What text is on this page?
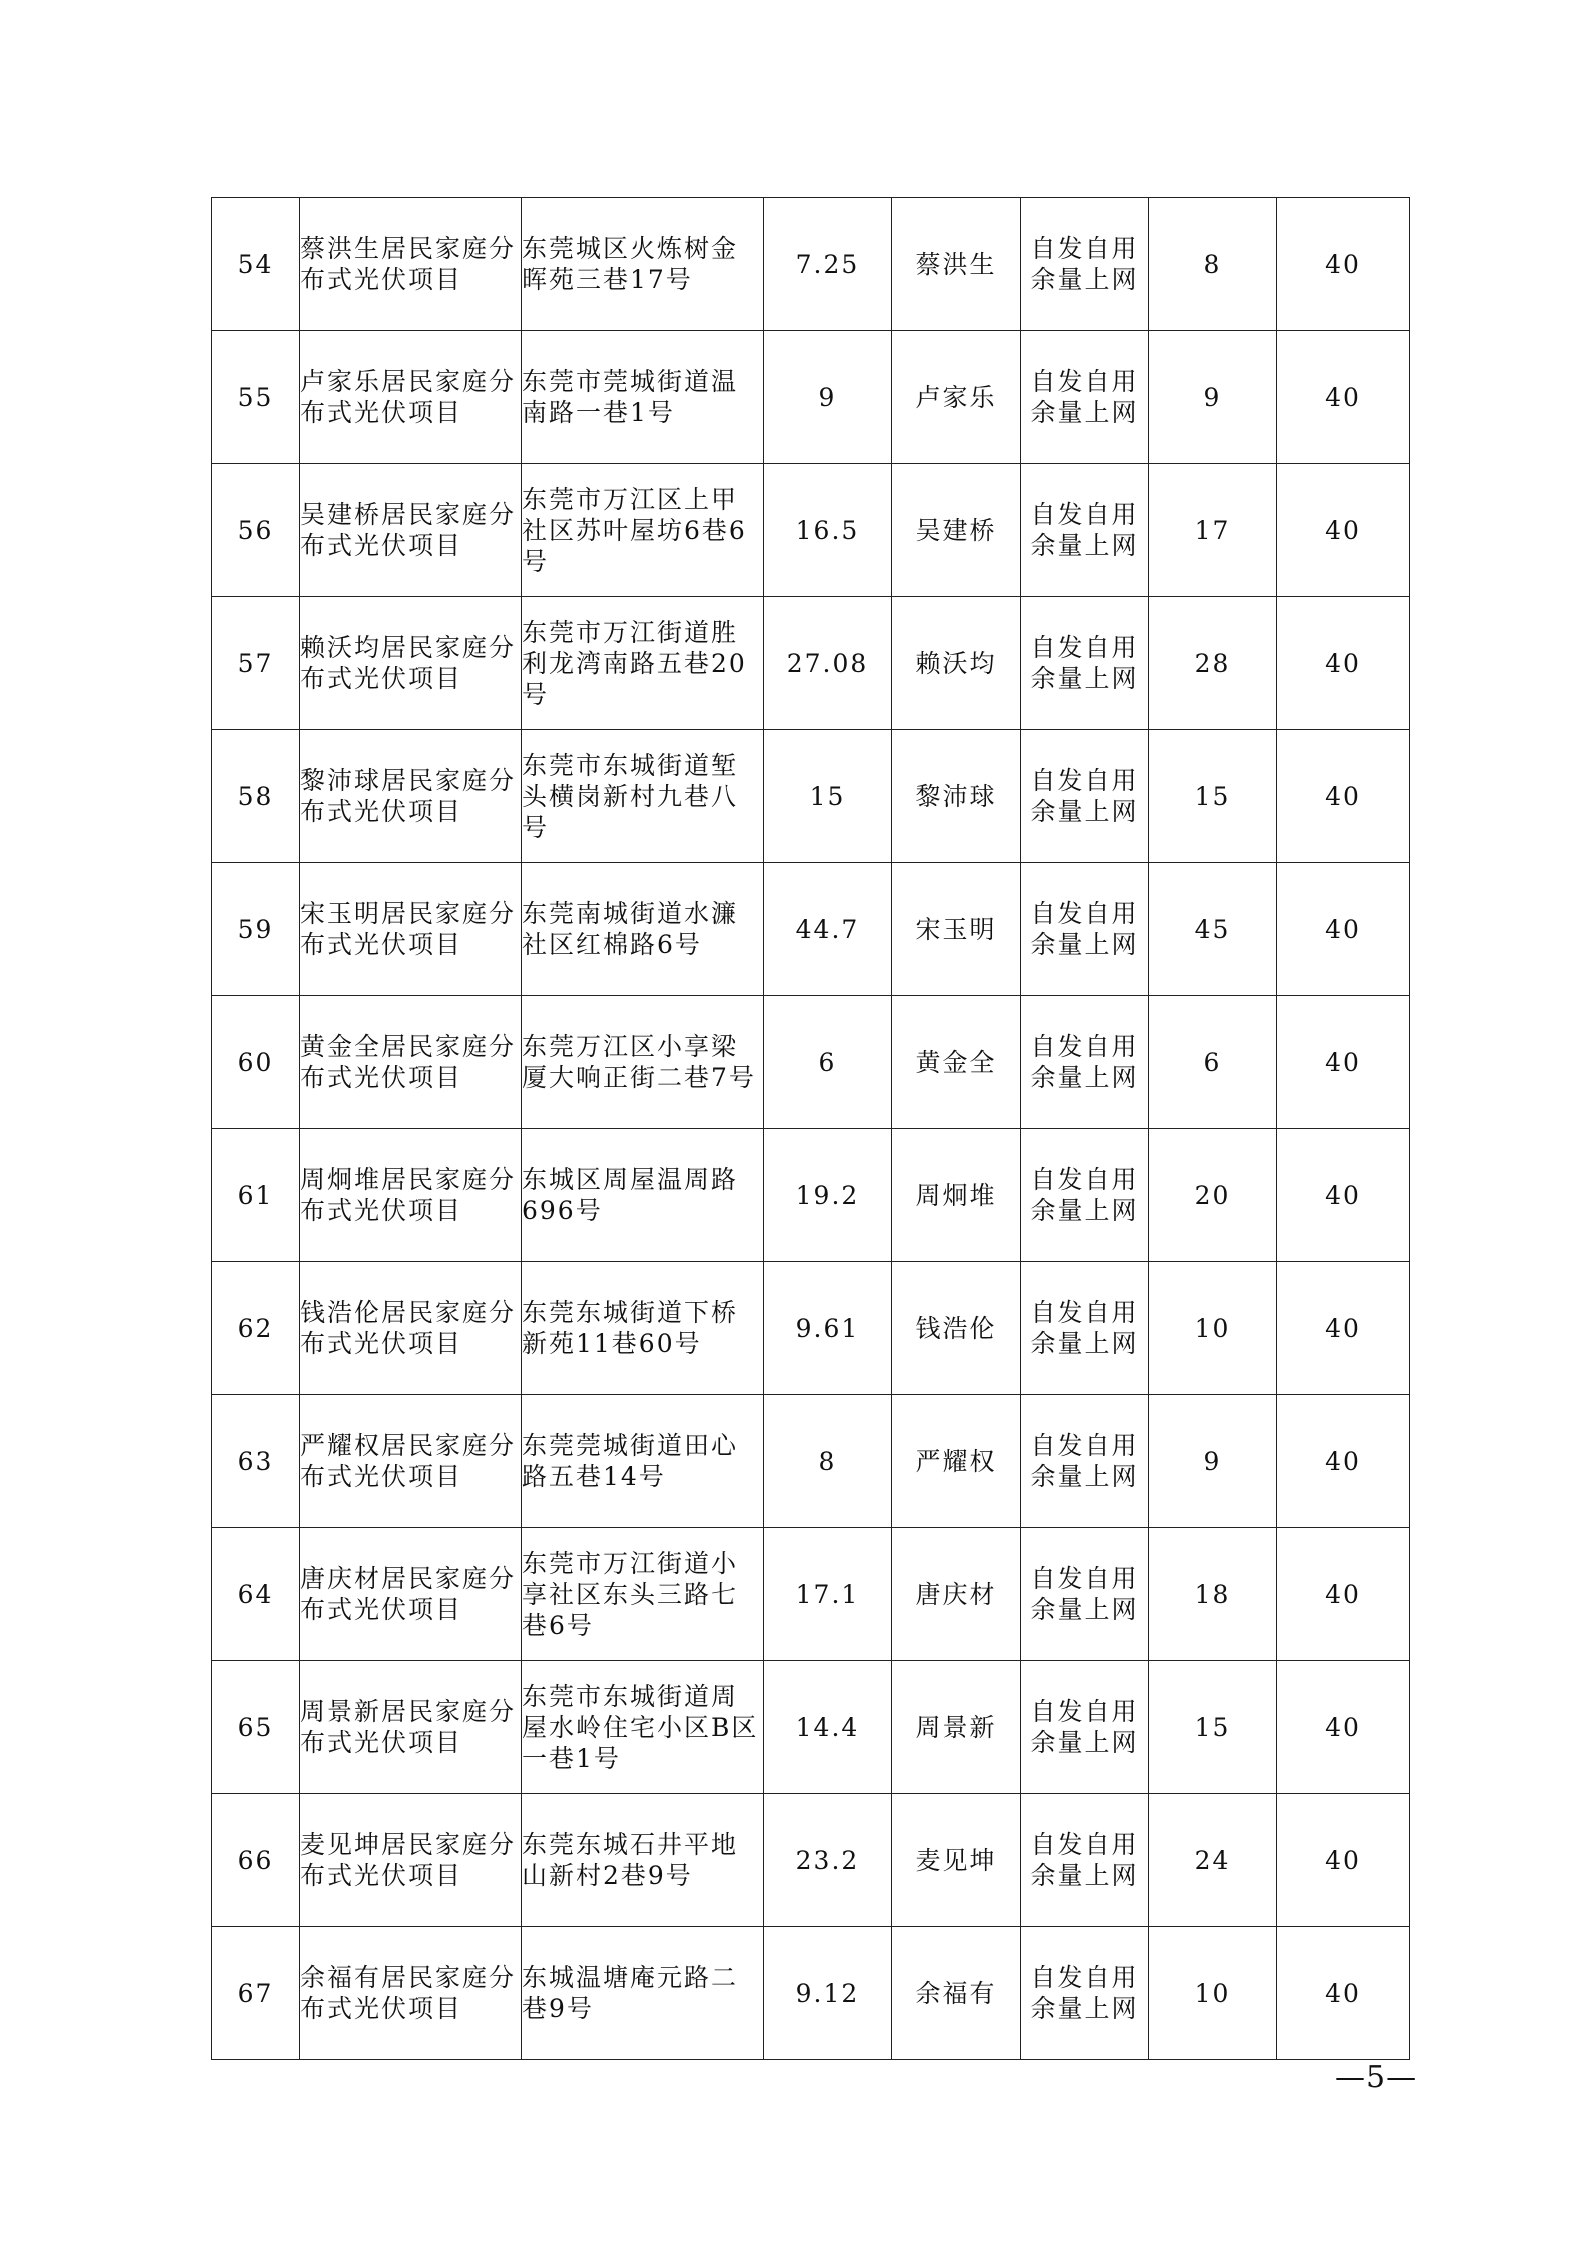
54	蔡洪生居民家庭分布式光伏项目	东莞城区火炼树金晖苑三巷17号	7.25	蔡洪生	自发自用余量上网	8	40
55	卢家乐居民家庭分布式光伏项目	东莞市莞城街道温南路一巷1号	9	卢家乐	自发自用余量上网	9	40
56	吴建桥居民家庭分布式光伏项目	东莞市万江区上甲社区苏叶屋坊6巷6号	16.5	吴建桥	自发自用余量上网	17	40
57	赖沃均居民家庭分布式光伏项目	东莞市万江街道胜利龙湾南路五巷20号	27.08	赖沃均	自发自用余量上网	28	40
58	黎沛球居民家庭分布式光伏项目	东莞市东城街道堑头横岗新村九巷八号	15	黎沛球	自发自用余量上网	15	40
59	宋玉明居民家庭分布式光伏项目	东莞南城街道水濂社区红棉路6号	44.7	宋玉明	自发自用余量上网	45	40
60	黄金全居民家庭分布式光伏项目	东莞万江区小享梁厦大响正街二巷7号	6	黄金全	自发自用余量上网	6	40
61	周炯堆居民家庭分布式光伏项目	东城区周屋温周路696号	19.2	周炯堆	自发自用余量上网	20	40
62	钱浩伦居民家庭分布式光伏项目	东莞东城街道下桥新苑11巷60号	9.61	钱浩伦	自发自用余量上网	10	40
63	严耀权居民家庭分布式光伏项目	东莞莞城街道田心路五巷14号	8	严耀权	自发自用余量上网	9	40
64	唐庆材居民家庭分布式光伏项目	东莞市万江街道小享社区东头三路七巷6号	17.1	唐庆材	自发自用余量上网	18	40
65	周景新居民家庭分布式光伏项目	东莞市东城街道周屋水岭住宅小区B区一巷1号	14.4	周景新	自发自用余量上网	15	40
66	麦见坤居民家庭分布式光伏项目	东莞东城石井平地山新村2巷9号	23.2	麦见坤	自发自用余量上网	24	40
67	余福有居民家庭分布式光伏项目	东城温塘庵元路二巷9号	9.12	余福有	自发自用余量上网	10	40
—5—
